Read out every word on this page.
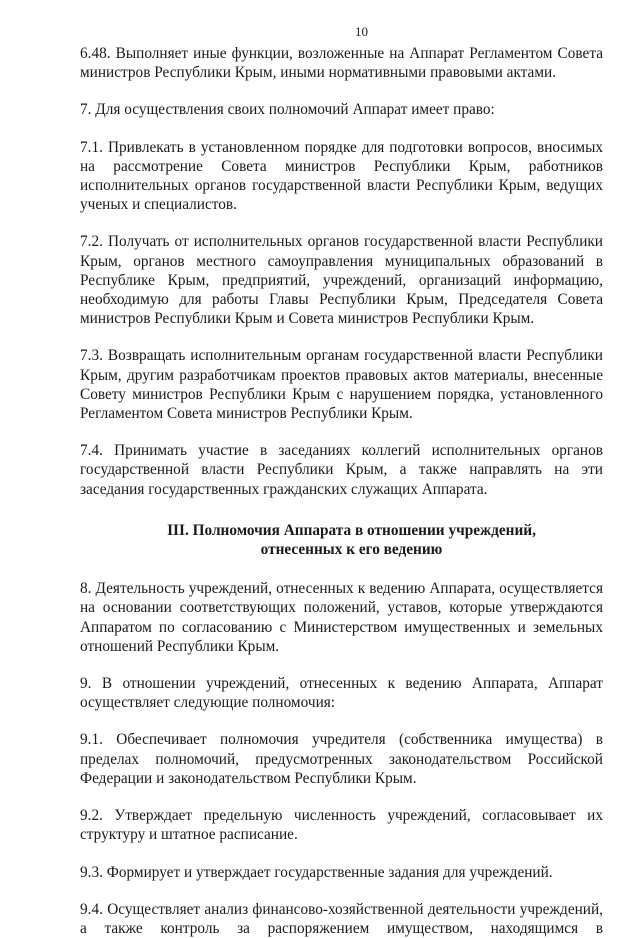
10

6.48. Выполняет иные функции, возложенные на Аппарат Регламентом Совета министров Республики Крым, иными нормативными правовыми актами.

7. Для осуществления своих полномочий Аппарат имеет право:

7.1. Привлекать в установленном порядке для подготовки вопросов, вносимых на рассмотрение Совета министров Республики Крым, работников исполнительных органов государственной власти Республики Крым, ведущих ученых и специалистов.

7.2. Получать от исполнительных органов государственной власти Республики Крым, органов местного самоуправления муниципальных образований в Республике Крым, предприятий, учреждений, организаций информацию, необходимую для работы Главы Республики Крым, Председателя Совета министров Республики Крым и Совета министров Республики Крым.

7.3. Возвращать исполнительным органам государственной власти Республики Крым, другим разработчикам проектов правовых актов материалы, внесенные Совету министров Республики Крым с нарушением порядка, установленного Регламентом Совета министров Республики Крым.

7.4. Принимать участие в заседаниях коллегий исполнительных органов государственной власти Республики Крым, а также направлять на эти заседания государственных гражданских служащих Аппарата.

III. Полномочия Аппарата в отношении учреждений,
отнесенных к его ведению

8. Деятельность учреждений, отнесенных к ведению Аппарата, осуществляется на основании соответствующих положений, уставов, которые утверждаются Аппаратом по согласованию с Министерством имущественных и земельных отношений Республики Крым.

9. В отношении учреждений, отнесенных к ведению Аппарата, Аппарат осуществляет следующие полномочия:

9.1. Обеспечивает полномочия учредителя (собственника имущества) в пределах полномочий, предусмотренных законодательством Российской Федерации и законодательством Республики Крым.

9.2. Утверждает предельную численность учреждений, согласовывает их структуру и штатное расписание.

9.3. Формирует и утверждает государственные задания для учреждений.

9.4. Осуществляет анализ финансово-хозяйственной деятельности учреждений, а также контроль за распоряжением имуществом, находящимся в
